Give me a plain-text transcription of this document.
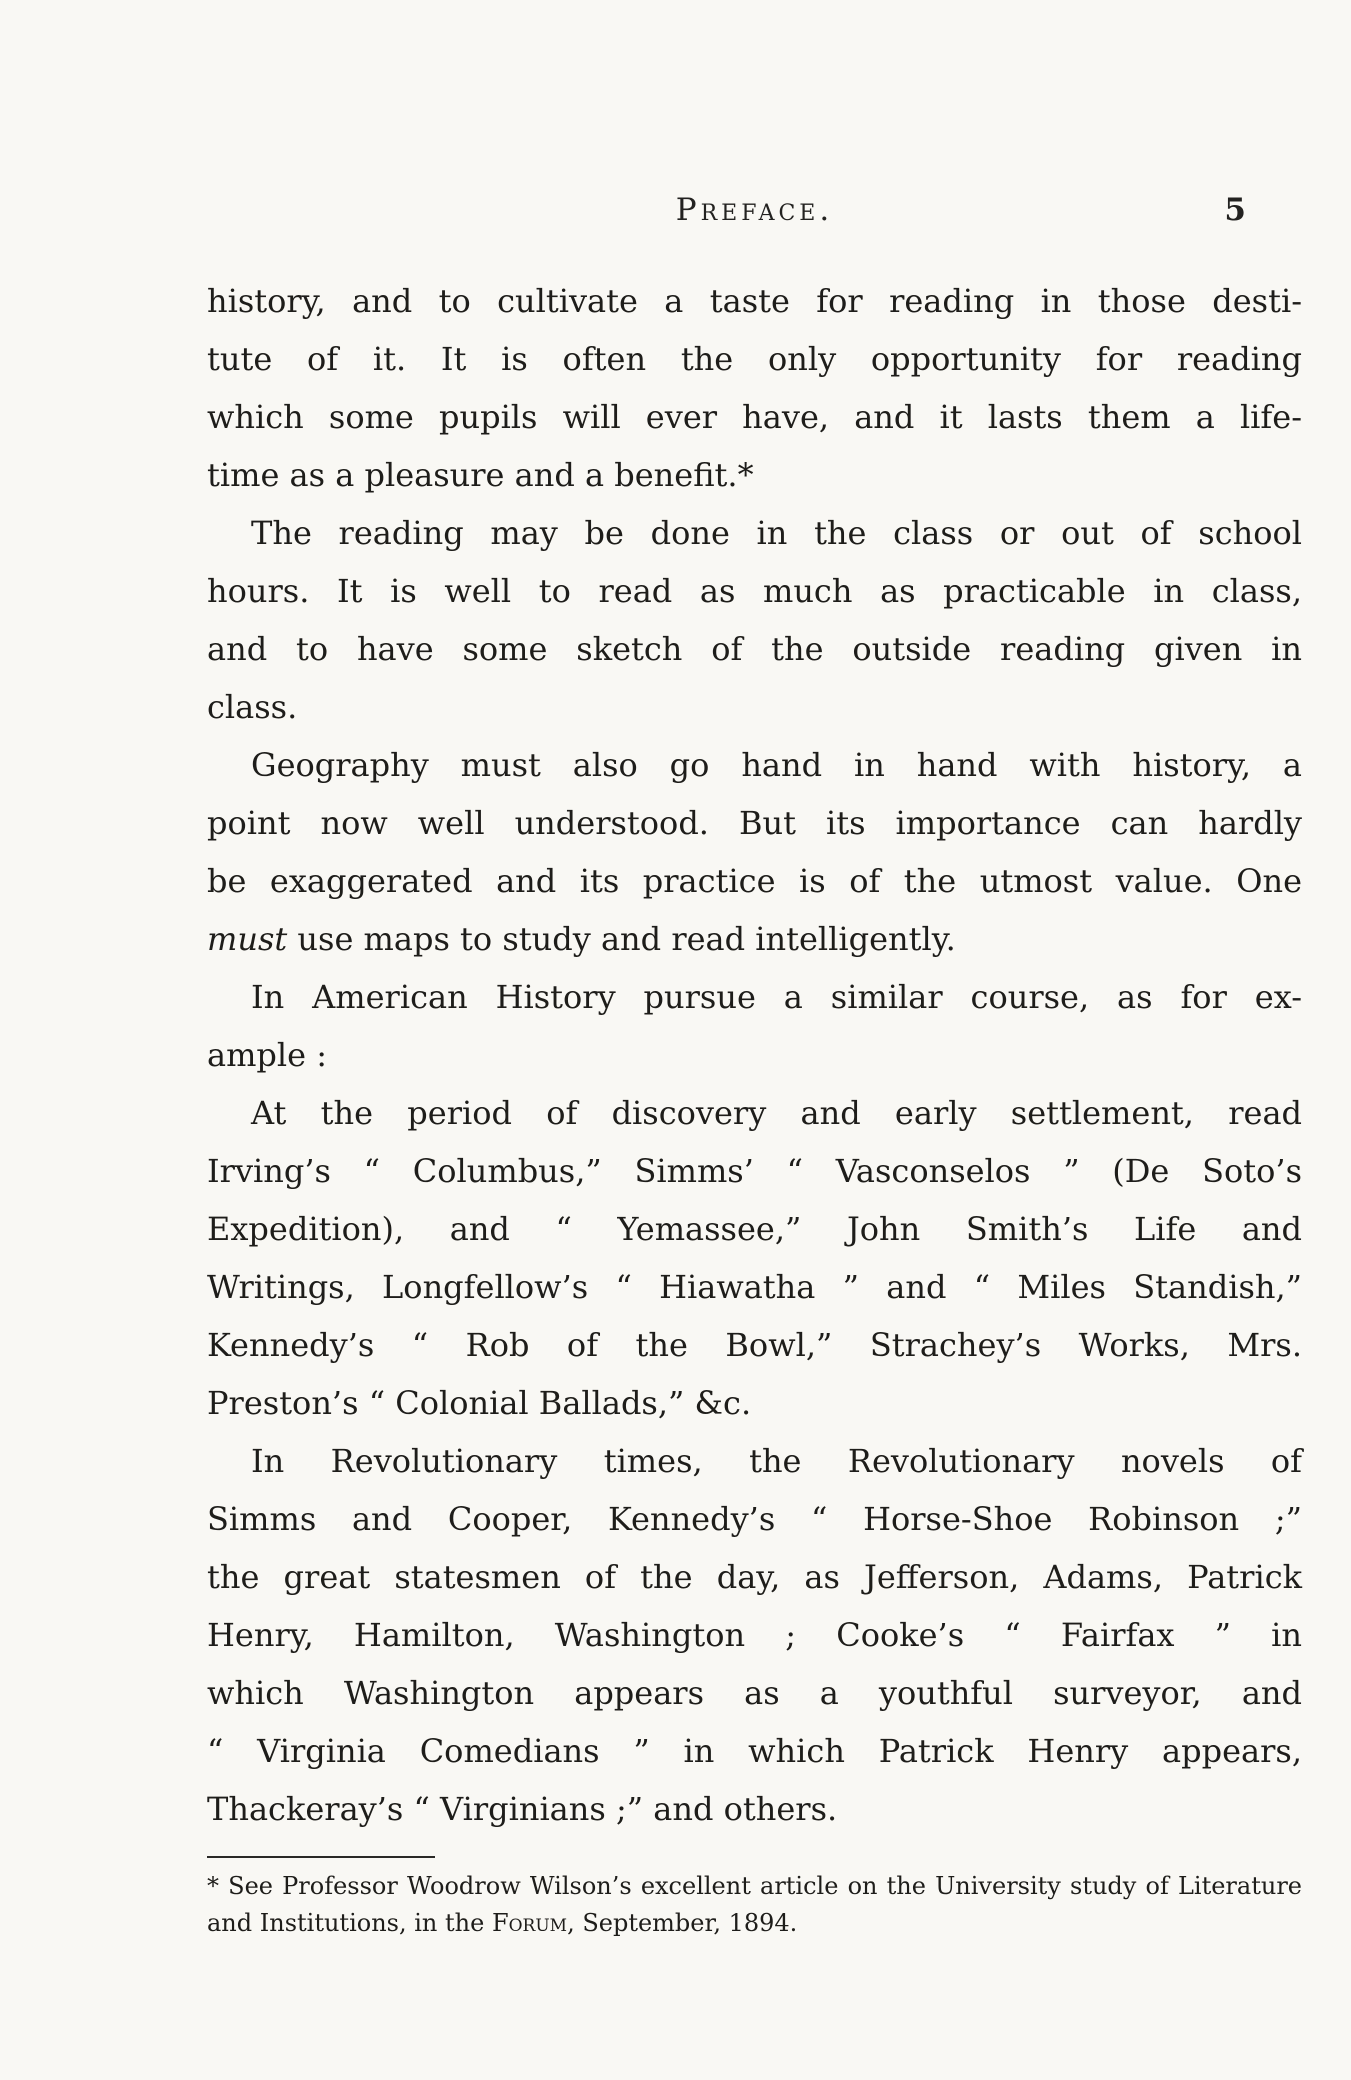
Preface.	5
history, and to cultivate a taste for reading in those desti-
tute of it. It is often the only opportunity for reading
which some pupils will ever have, and it lasts them a life-
time as a pleasure and a benefit.*
The reading may be done in the class or out of school
hours. It is well to read as much as practicable in class,
and to have some sketch of the outside reading given in
class.
Geography must also go hand in hand with history, a
point now well understood. But its importance can hardly
be exaggerated and its practice is of the utmost value. One
must use maps to study and read intelligently.
In American History pursue a similar course, as for ex-
ample :
At the period of discovery and early settlement, read
Irving’s “ Columbus,” Simms’ “ Vasconselos ” (De Soto’s
Expedition), and “ Yemassee,” John Smith’s Life and
Writings, Longfellow’s “ Hiawatha ” and “ Miles Standish,”
Kennedy’s “ Rob of the Bowl,” Strachey’s Works, Mrs.
Preston’s “ Colonial Ballads,” &c.
In Revolutionary times, the Revolutionary novels of
Simms and Cooper, Kennedy’s “ Horse-Shoe Robinson ;”
the great statesmen of the day, as Jefferson, Adams, Patrick
Henry, Hamilton, Washington ; Cooke’s “ Fairfax ” in
which Washington appears as a youthful surveyor, and
“ Virginia Comedians ” in which Patrick Henry appears,
Thackeray’s “ Virginians ;” and others.
* See Professor Woodrow Wilson’s excellent article on the University study of Literature
and Institutions, in the Forum, September, 1894.
